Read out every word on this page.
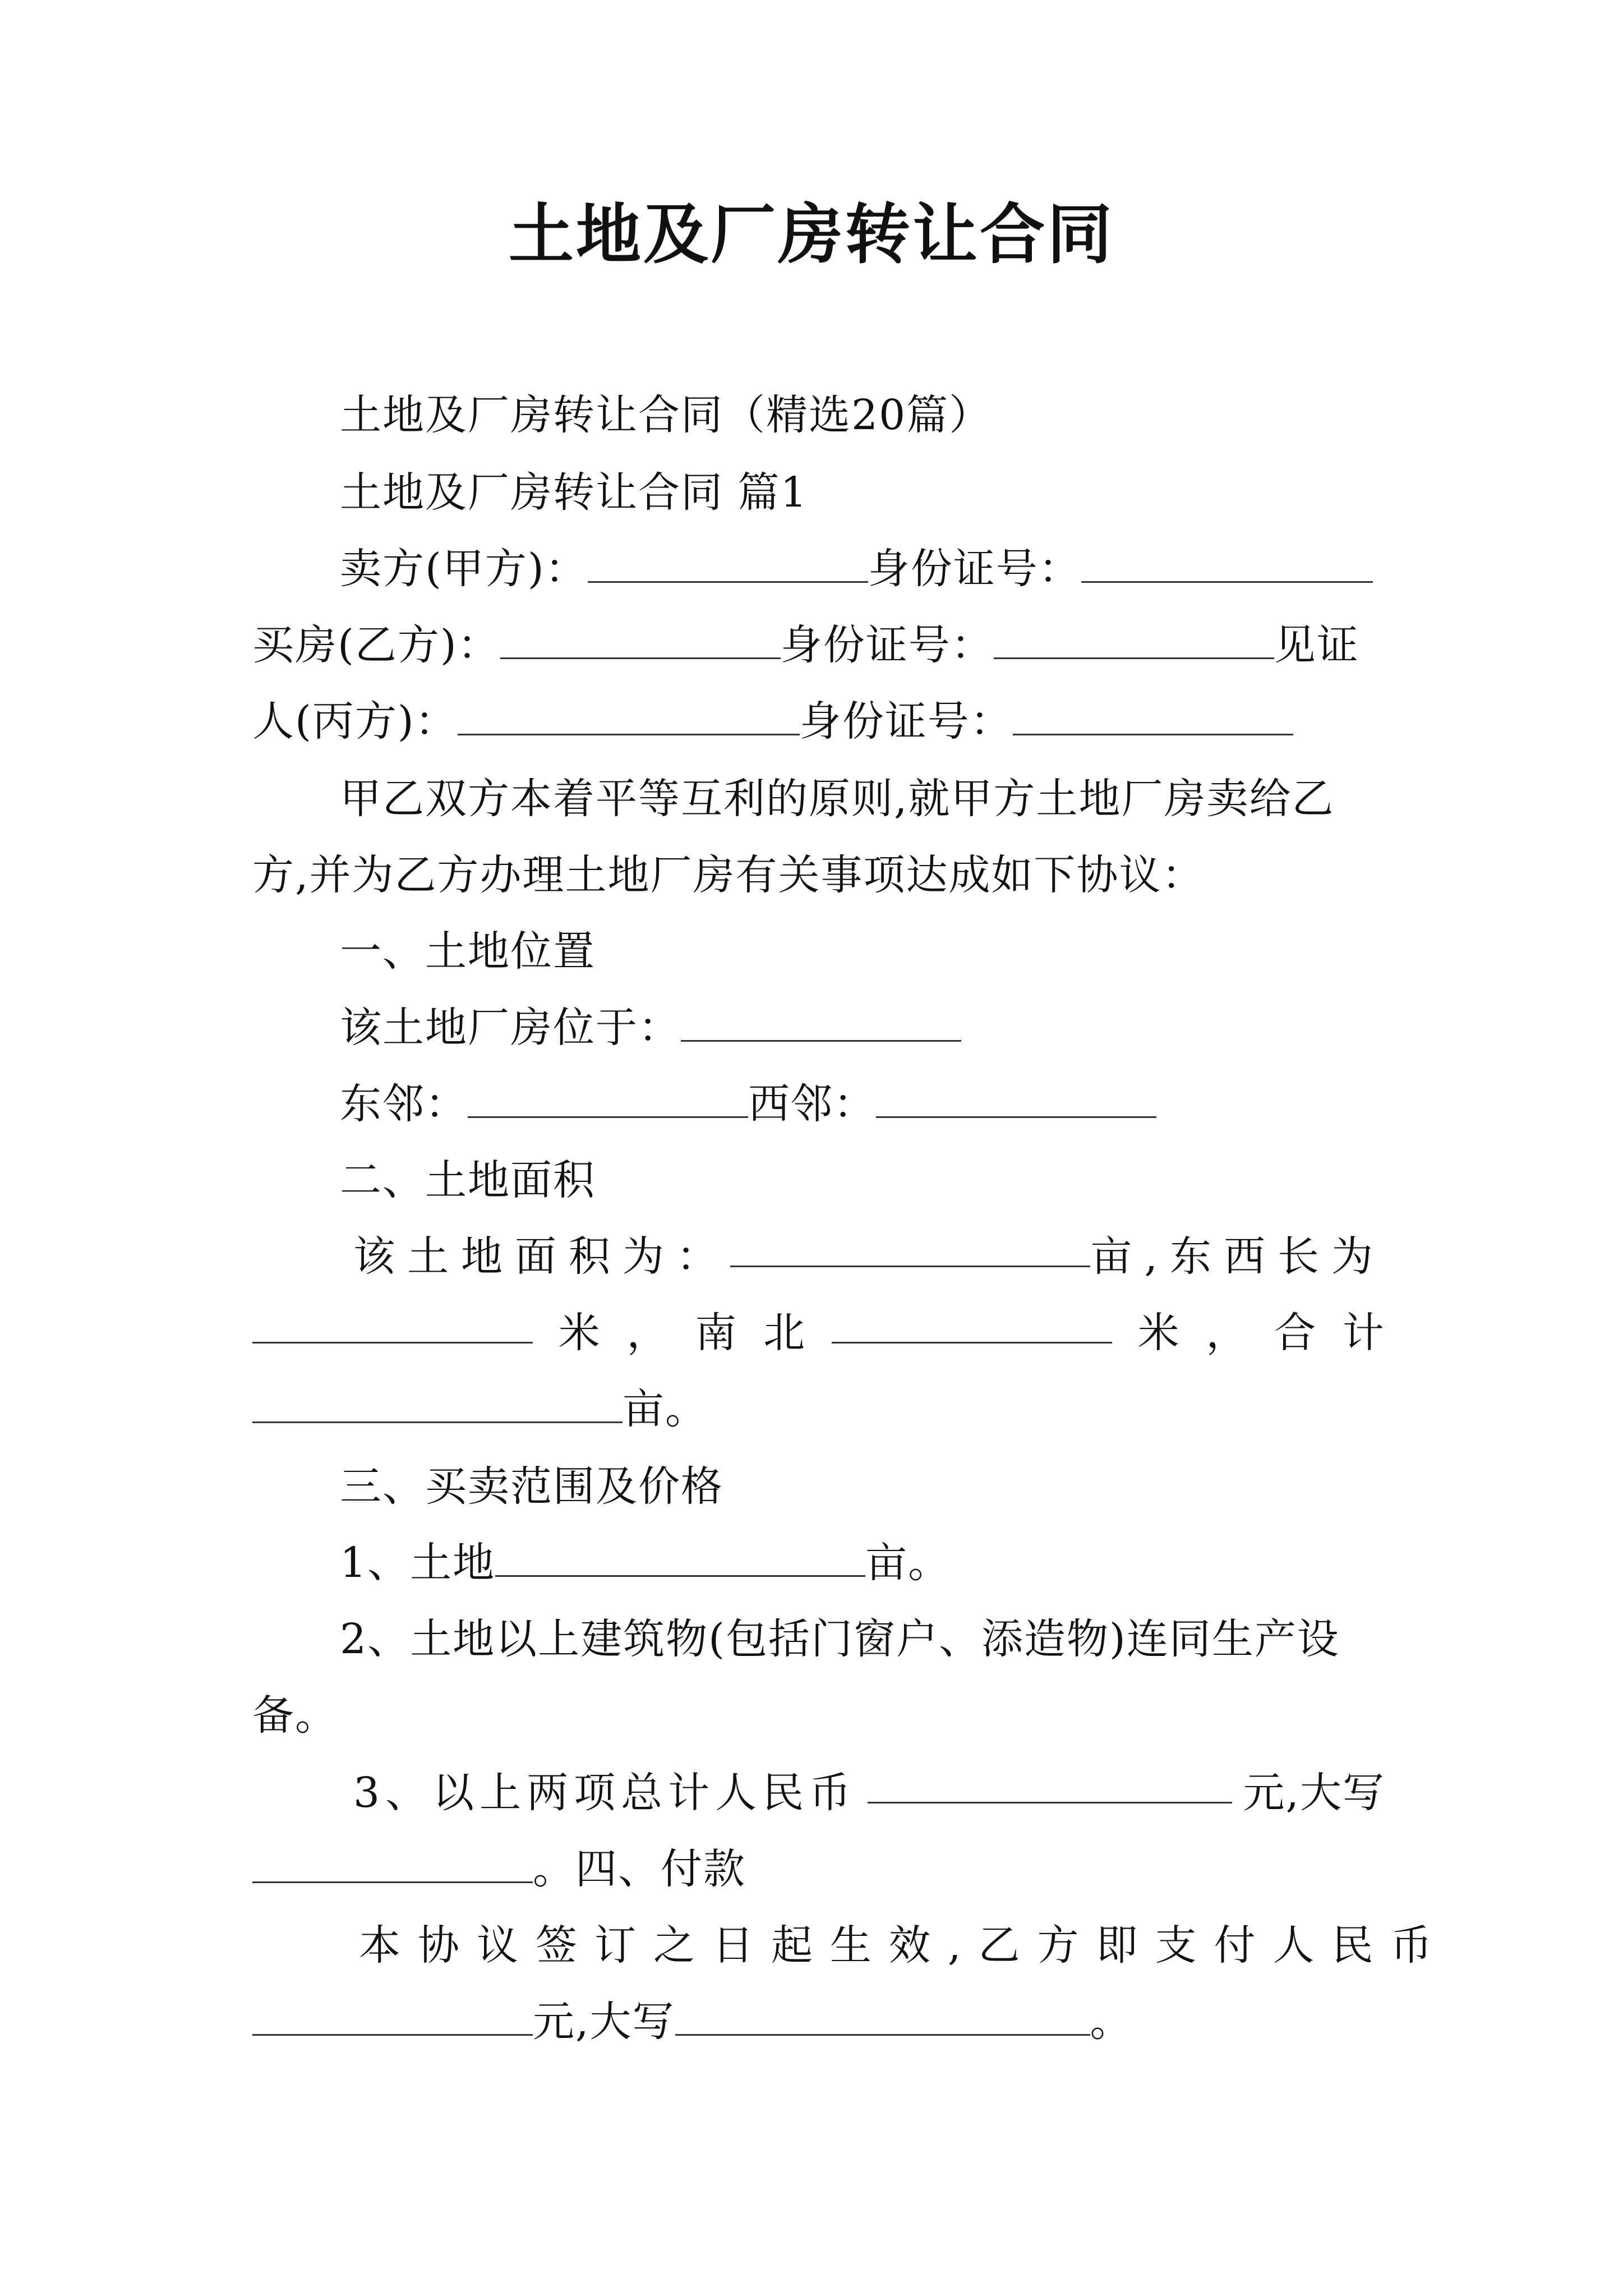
土地及厂房转让合同
土地及厂房转让合同（精选20篇）
土地及厂房转让合同 篇1
卖方(甲方)：	身份证号：
买房(乙方)：	身份证号：	见证
人(丙方)：	身份证号：
甲乙双方本着平等互利的原则,就甲方土地厂房卖给乙
方,并为乙方办理土地厂房有关事项达成如下协议：
一、土地位置
该土地厂房位于：
东邻：	西邻：
二、土地面积
该土地面积为：	亩,东西长为
米 ， 南 北	米 ， 合 计
亩。
三、买卖范围及价格
1、土地	亩。
2、土地以上建筑物(包括门窗户、添造物)连同生产设
备。
3、以上两项总计人民币	元,大写
。四、付款
本协议签订之日起生效,乙方即支付人民币
元,大写	。
